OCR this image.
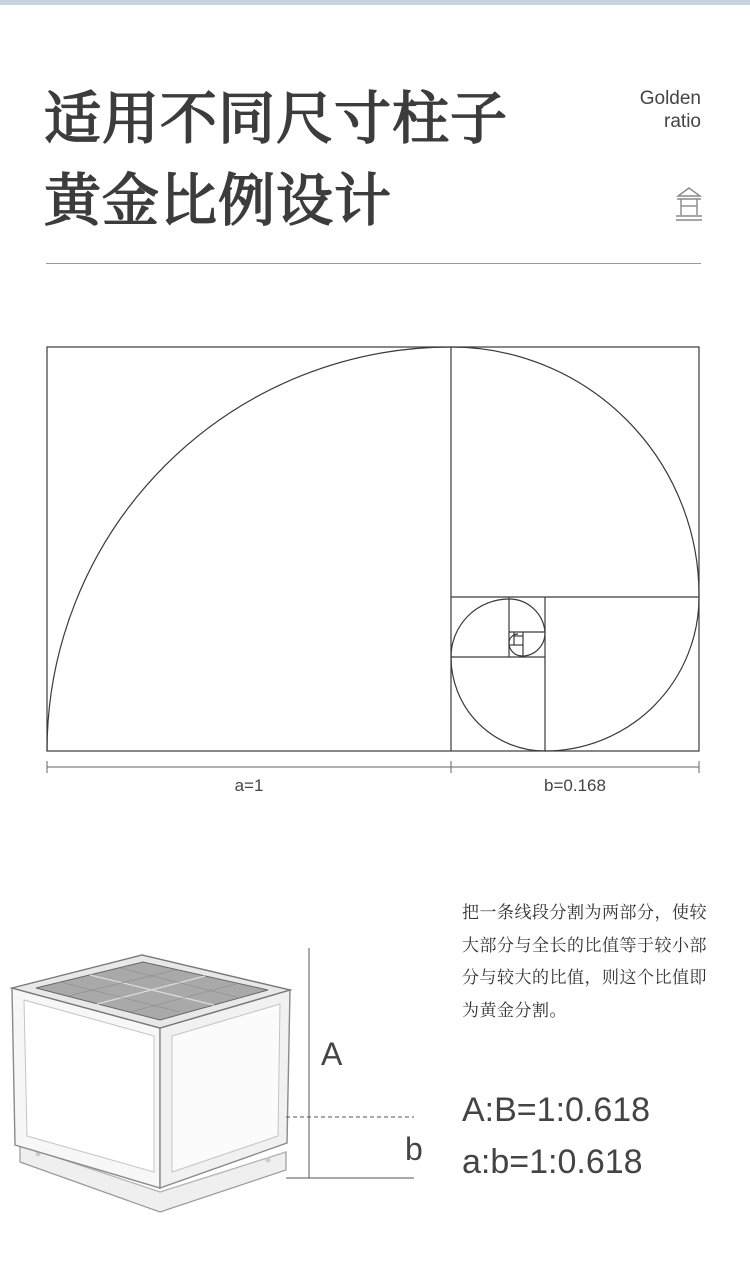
适用不同尺寸柱子
黄金比例设计
Golden
ratio
a=1	b=0.168
A
b

把一条线段分割为两部分，使较大部分与全长的比值等于较小部分与较大的比值，则这个比值即为黄金分割。

A:B=1:0.618
a:b=1:0.618
